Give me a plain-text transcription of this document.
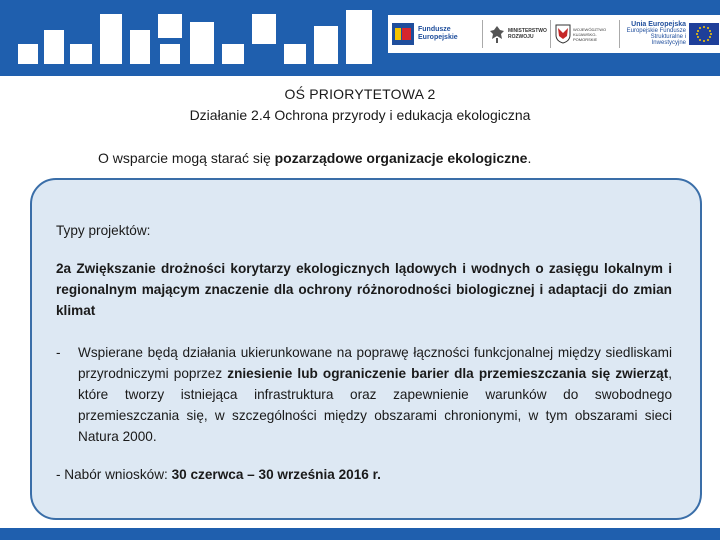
Fundusze
Europejskie
MINISTERSTWO
ROZWOJU
WOJEWÓDZTWO
KUJAWSKO-POMORSKIE
Unia Europejska
Europejskie Fundusze
Strukturalne i Inwestycyjne
OŚ PRIORYTETOWA 2
Działanie 2.4 Ochrona przyrody i edukacja ekologiczna
O wsparcie mogą starać się pozarządowe organizacje ekologiczne.

Typy projektów:

2a Zwiększanie drożności korytarzy ekologicznych lądowych i wodnych o zasięgu lokalnym i regionalnym mającym znaczenie dla ochrony różnorodności biologicznej i adaptacji do zmian klimat

-	Wspierane będą działania ukierunkowane na poprawę łączności funkcjonalnej między siedliskami przyrodniczymi poprzez zniesienie lub ograniczenie barier dla przemieszczania się zwierząt, które tworzy istniejąca infrastruktura oraz zapewnienie warunków do swobodnego przemieszczania się, w szczególności między obszarami chronionymi, w tym obszarami sieci Natura 2000.

- Nabór wniosków: 30 czerwca – 30 września 2016 r.
